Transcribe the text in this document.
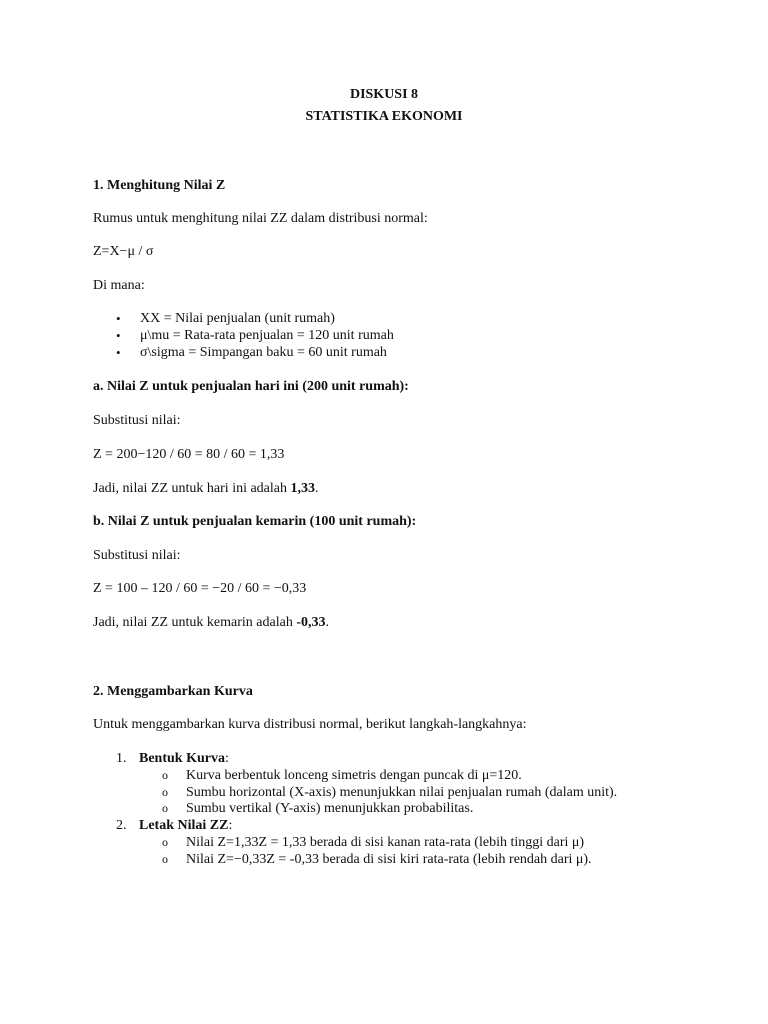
DISKUSI 8
STATISTIKA EKONOMI
1. Menghitung Nilai Z
Rumus untuk menghitung nilai ZZ dalam distribusi normal:
Z=X−μ / σ
Di mana:
• XX = Nilai penjualan (unit rumah)
• μ\mu = Rata-rata penjualan = 120 unit rumah
• σ\sigma = Simpangan baku = 60 unit rumah
a. Nilai Z untuk penjualan hari ini (200 unit rumah):
Substitusi nilai:
Z = 200−120 / 60 = 80 / 60 = 1,33
Jadi, nilai ZZ untuk hari ini adalah 1,33.
b. Nilai Z untuk penjualan kemarin (100 unit rumah):
Substitusi nilai:
Z = 100 – 120 / 60 = −20 / 60 = −0,33
Jadi, nilai ZZ untuk kemarin adalah -0,33.
2. Menggambarkan Kurva
Untuk menggambarkan kurva distribusi normal, berikut langkah-langkahnya:
1. Bentuk Kurva:
o Kurva berbentuk lonceng simetris dengan puncak di μ=120.
o Sumbu horizontal (X-axis) menunjukkan nilai penjualan rumah (dalam unit).
o Sumbu vertikal (Y-axis) menunjukkan probabilitas.
2. Letak Nilai ZZ:
o Nilai Z=1,33Z = 1,33 berada di sisi kanan rata-rata (lebih tinggi dari μ)
o Nilai Z=−0,33Z = -0,33 berada di sisi kiri rata-rata (lebih rendah dari μ).
